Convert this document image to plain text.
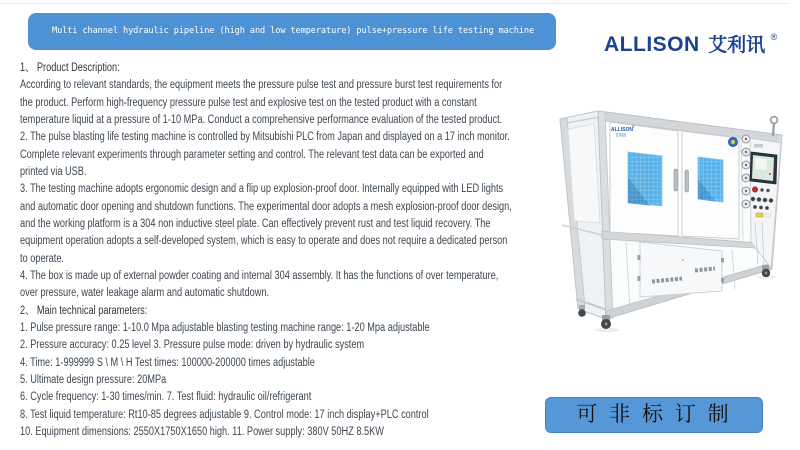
Multi channel hydraulic pipeline (high and low temperature) pulse+pressure life testing machine
ALLISON 艾利讯 ®
1、 Product Description:
According to relevant standards, the equipment meets the pressure pulse test and pressure burst test requirements for
the product. Perform high-frequency pressure pulse test and explosive test on the tested product with a constant
temperature liquid at a pressure of 1-10 MPa. Conduct a comprehensive performance evaluation of the tested product.
2. The pulse blasting life testing machine is controlled by Mitsubishi PLC from Japan and displayed on a 17 inch monitor.
Complete relevant experiments through parameter setting and control. The relevant test data can be exported and
printed via USB.
3. The testing machine adopts ergonomic design and a flip up explosion-proof door. Internally equipped with LED lights
and automatic door opening and shutdown functions. The experimental door adopts a mesh explosion-proof door design,
and the working platform is a 304 non inductive steel plate. Can effectively prevent rust and test liquid recovery. The
equipment operation adopts a self-developed system, which is easy to operate and does not require a dedicated person
to operate.
4. The box is made up of external powder coating and internal 304 assembly. It has the functions of over temperature,
over pressure, water leakage alarm and automatic shutdown.
2、 Main technical parameters:
1. Pulse pressure range: 1-10.0 Mpa adjustable blasting testing machine range: 1-20 Mpa adjustable
2. Pressure accuracy: 0.25 level 3. Pressure pulse mode: driven by hydraulic system
4. Time: 1-999999 S \ M \ H Test times: 100000-200000 times adjustable
5. Ultimate design pressure: 20MPa
6. Cycle frequency: 1-30 times/min. 7. Test fluid: hydraulic oil/refrigerant
8. Test liquid temperature: Rt10-85 degrees adjustable 9. Control mode: 17 inch display+PLC control
10. Equipment dimensions: 2550X1750X1650 high. 11. Power supply: 380V 50HZ 8.5KW
ALLISON ®
艾利讯
可 非 标 订 制
